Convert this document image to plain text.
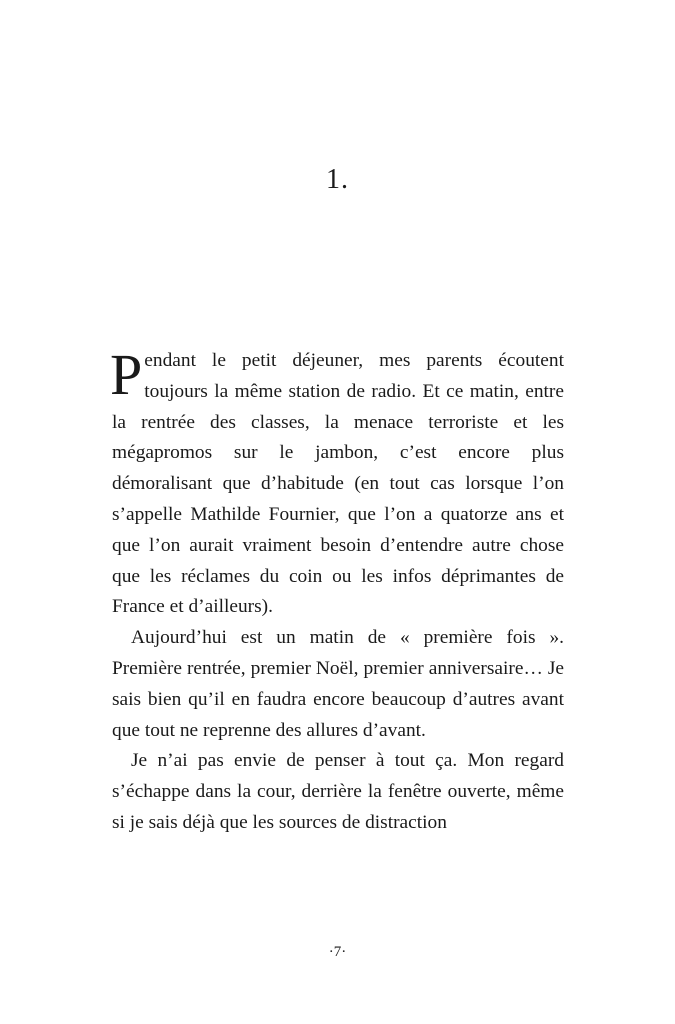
1.

Pendant le petit déjeuner, mes parents écoutent toujours la même station de radio. Et ce matin, entre la rentrée des classes, la menace terroriste et les mégapromos sur le jambon, c’est encore plus démoralisant que d’habitude (en tout cas lorsque l’on s’appelle Mathilde Fournier, que l’on a quatorze ans et que l’on aurait vraiment besoin d’entendre autre chose que les réclames du coin ou les infos déprimantes de France et d’ailleurs).

Aujourd’hui est un matin de « première fois ». Première rentrée, premier Noël, premier anniversaire… Je sais bien qu’il en faudra encore beaucoup d’autres avant que tout ne reprenne des allures d’avant.

Je n’ai pas envie de penser à tout ça. Mon regard s’échappe dans la cour, derrière la fenêtre ouverte, même si je sais déjà que les sources de distraction

·7·
